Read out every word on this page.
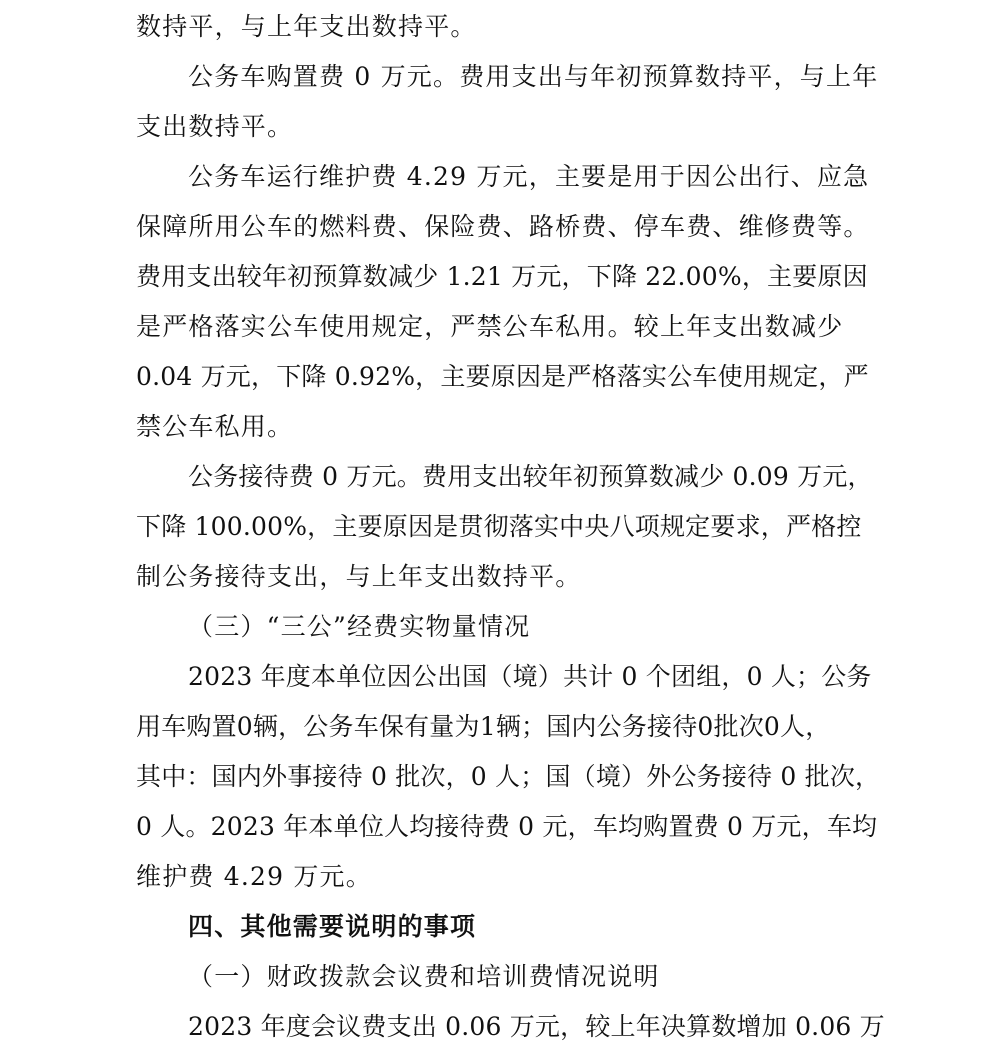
数持平，与上年支出数持平。
公务车购置费 0 万元。费用支出与年初预算数持平，与上年
支出数持平。
公务车运行维护费 4.29 万元，主要是用于因公出行、应急
保障所用公车的燃料费、保险费、路桥费、停车费、维修费等。
费用支出较年初预算数减少 1.21 万元，下降 22.00%，主要原因
是严格落实公车使用规定，严禁公车私用。较上年支出数减少
0.04 万元，下降 0.92%，主要原因是严格落实公车使用规定，严
禁公车私用。
公务接待费 0 万元。费用支出较年初预算数减少 0.09 万元，
下降 100.00%，主要原因是贯彻落实中央八项规定要求，严格控
制公务接待支出，与上年支出数持平。
（三）“三公”经费实物量情况
2023 年度本单位因公出国（境）共计 0 个团组，0 人；公务
用车购置0辆，公务车保有量为1辆；国内公务接待0批次0人，
其中：国内外事接待 0 批次，0 人；国（境）外公务接待 0 批次，
0 人。2023 年本单位人均接待费 0 元，车均购置费 0 万元，车均
维护费 4.29 万元。
四、其他需要说明的事项
（一）财政拨款会议费和培训费情况说明
2023 年度会议费支出 0.06 万元，较上年决算数增加 0.06 万
